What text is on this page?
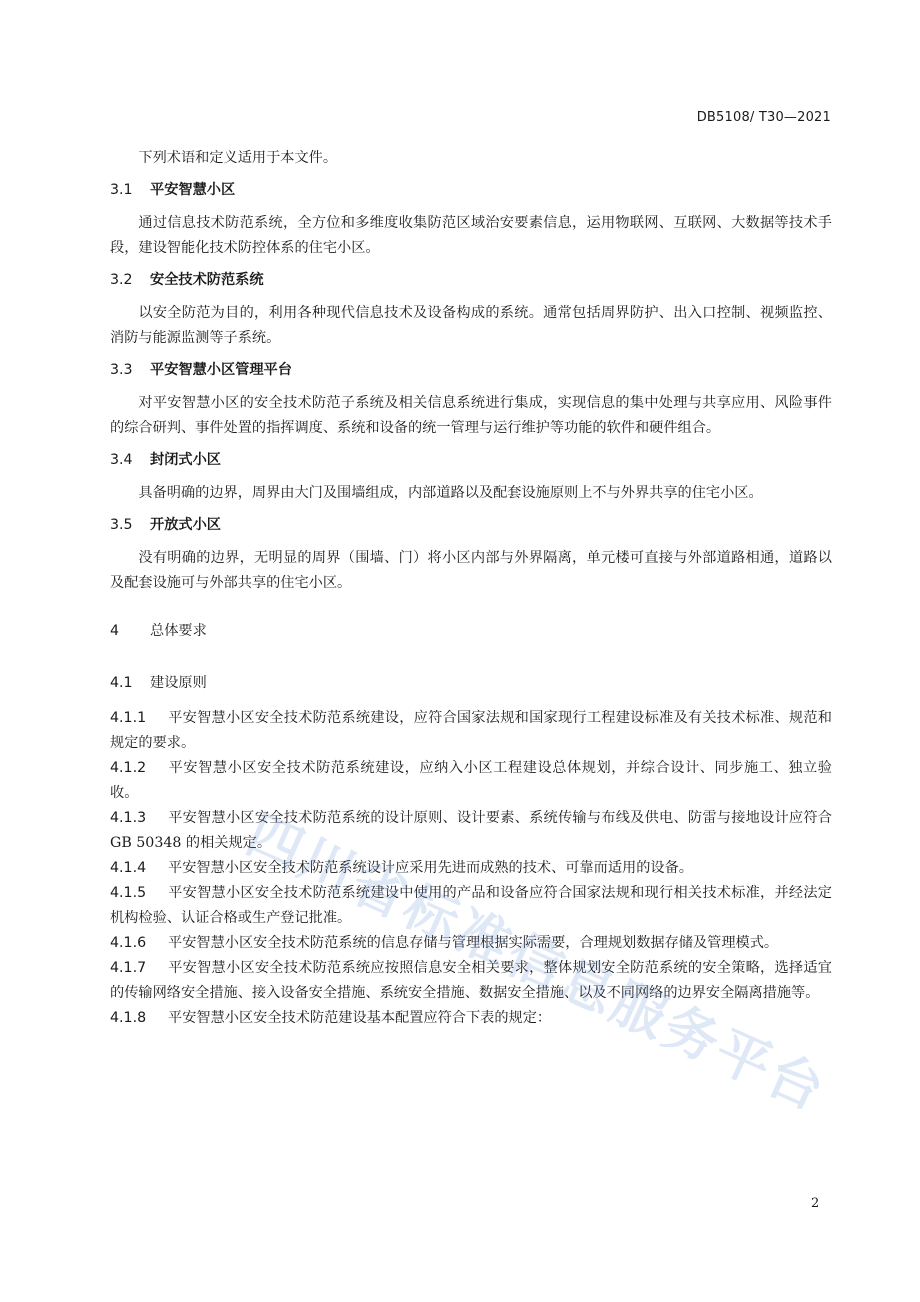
DB5108/ T30—2021

下列术语和定义适用于本文件。

3.1 平安智慧小区

通过信息技术防范系统，全方位和多维度收集防范区域治安要素信息，运用物联网、互联网、大数据等技术手段，建设智能化技术防控体系的住宅小区。

3.2 安全技术防范系统

以安全防范为目的，利用各种现代信息技术及设备构成的系统。通常包括周界防护、出入口控制、视频监控、消防与能源监测等子系统。

3.3 平安智慧小区管理平台

对平安智慧小区的安全技术防范子系统及相关信息系统进行集成，实现信息的集中处理与共享应用、风险事件的综合研判、事件处置的指挥调度、系统和设备的统一管理与运行维护等功能的软件和硬件组合。

3.4 封闭式小区

具备明确的边界，周界由大门及围墙组成，内部道路以及配套设施原则上不与外界共享的住宅小区。

3.5 开放式小区

没有明确的边界，无明显的周界（围墙、门）将小区内部与外界隔离，单元楼可直接与外部道路相通，道路以及配套设施可与外部共享的住宅小区。

4 总体要求

4.1 建设原则

4.1.1 平安智慧小区安全技术防范系统建设，应符合国家法规和国家现行工程建设标准及有关技术标准、规范和规定的要求。

4.1.2 平安智慧小区安全技术防范系统建设，应纳入小区工程建设总体规划，并综合设计、同步施工、独立验收。

4.1.3 平安智慧小区安全技术防范系统的设计原则、设计要素、系统传输与布线及供电、防雷与接地设计应符合 GB 50348 的相关规定。

4.1.4 平安智慧小区安全技术防范系统设计应采用先进而成熟的技术、可靠而适用的设备。

4.1.5 平安智慧小区安全技术防范系统建设中使用的产品和设备应符合国家法规和现行相关技术标准，并经法定机构检验、认证合格或生产登记批准。

4.1.6 平安智慧小区安全技术防范系统的信息存储与管理根据实际需要，合理规划数据存储及管理模式。

4.1.7 平安智慧小区安全技术防范系统应按照信息安全相关要求，整体规划安全防范系统的安全策略，选择适宜的传输网络安全措施、接入设备安全措施、系统安全措施、数据安全措施、以及不同网络的边界安全隔离措施等。

4.1.8 平安智慧小区安全技术防范建设基本配置应符合下表的规定：

四
川
省
标
准
信
息
服
务
平
台
2
